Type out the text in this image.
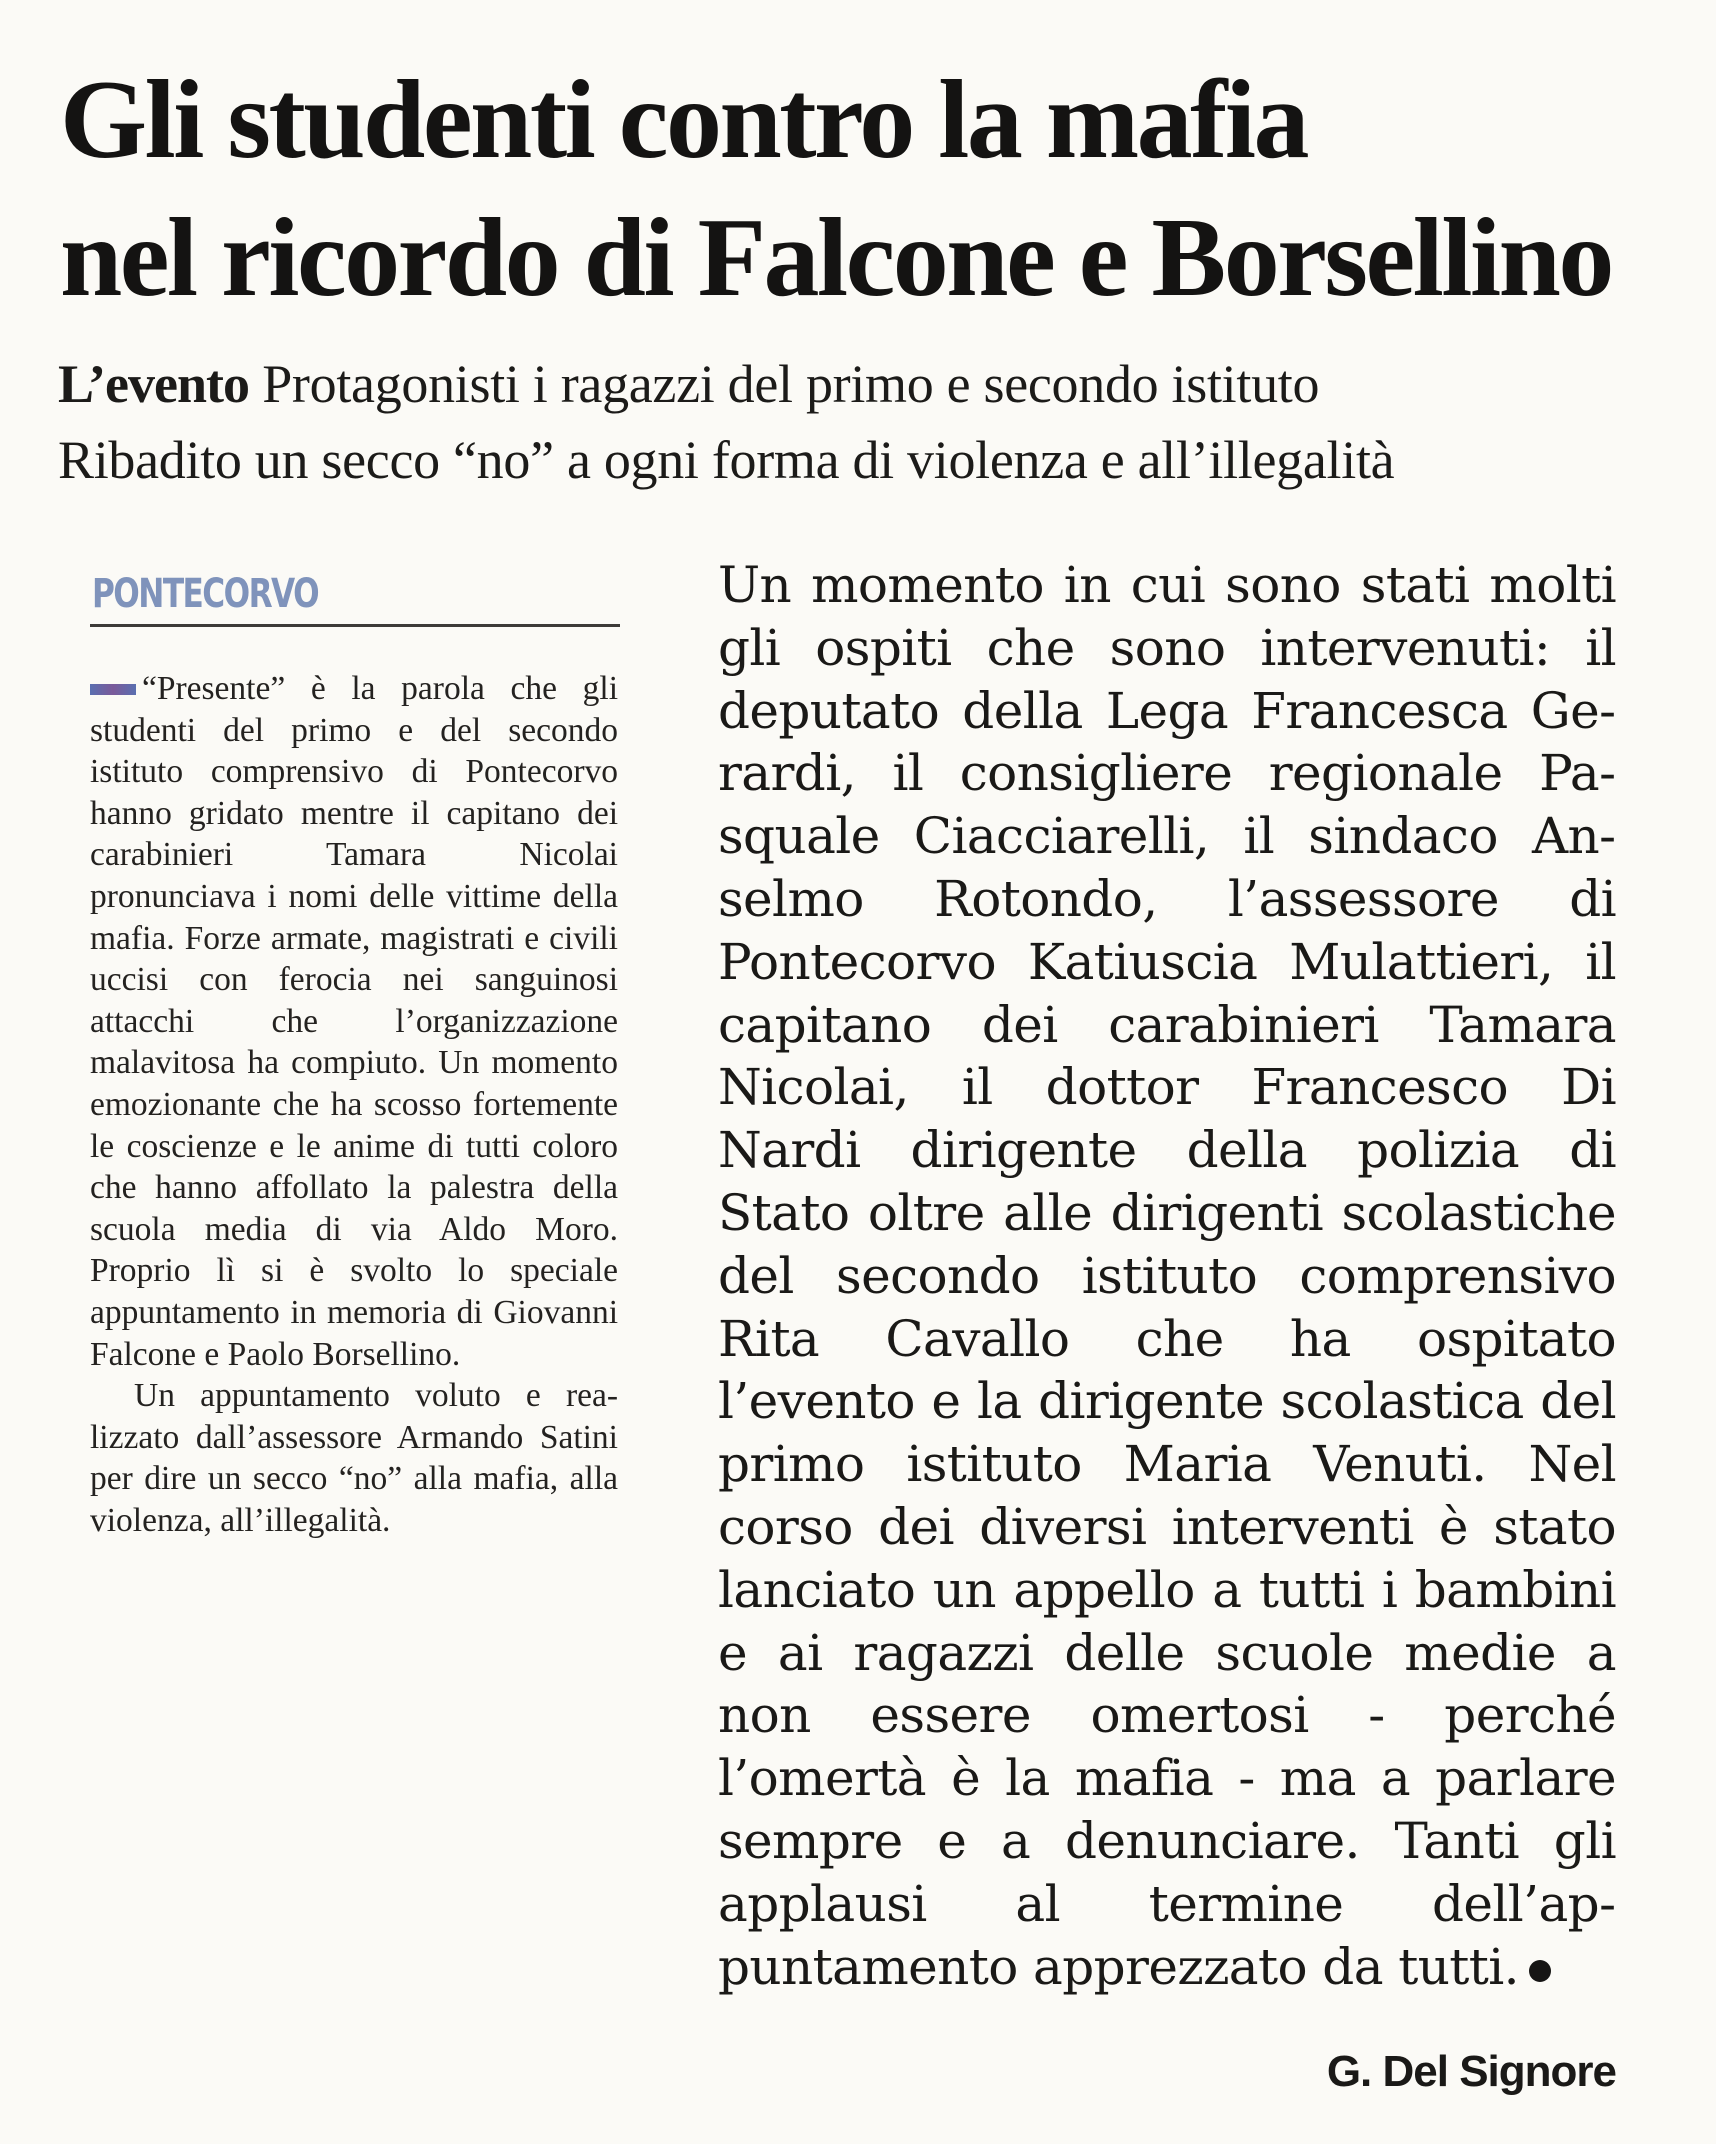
Gli studenti contro la mafia
nel ricordo di Falcone e Borsellino
L’evento Protagonisti i ragazzi del primo e secondo istituto
Ribadito un secco “no” a ogni forma di violenza e all’illegalità
PONTECORVO

“Presente” è la parola che gli studenti del primo e del secondo istituto comprensivo di Pontecorvo hanno gridato mentre il capitano dei carabinieri Tamara Nicolai pronunciava i nomi delle vittime della mafia. Forze armate, magistrati e civili uccisi con ferocia nei sanguinosi attacchi che l’organizzazione malavitosa ha compiuto. Un momento emozionante che ha scosso fortemente le coscienze e le anime di tutti coloro che hanno affollato la palestra della scuola media di via Aldo Moro. Proprio lì si è svolto lo speciale appuntamento in memoria di Giovanni Falcone e Paolo Borsellino.

Un appuntamento voluto e realizzato dall’assessore Armando Satini per dire un secco “no” alla mafia, alla violenza, all’illegalità.

Un momento in cui sono stati molti gli ospiti che sono intervenuti: il deputato della Lega Francesca Gerardi, il consigliere regionale Pasquale Ciacciarelli, il sindaco Anselmo Rotondo, l’assessore di Pontecorvo Katiuscia Mulattieri, il capitano dei carabinieri Tamara Nicolai, il dottor Francesco Di Nardi dirigente della polizia di Stato oltre alle dirigenti scolastiche del secondo istituto comprensivo Rita Cavallo che ha ospitato l’evento e la dirigente scolastica del primo istituto Maria Venuti. Nel corso dei diversi interventi è stato lanciato un appello a tutti i bambini e ai ragazzi delle scuole medie a non essere omertosi - perché l’omertà è la mafia - ma a parlare sempre e a denunciare. Tanti gli applausi al termine dell’appuntamento apprezzato da tutti.

G. Del Signore
